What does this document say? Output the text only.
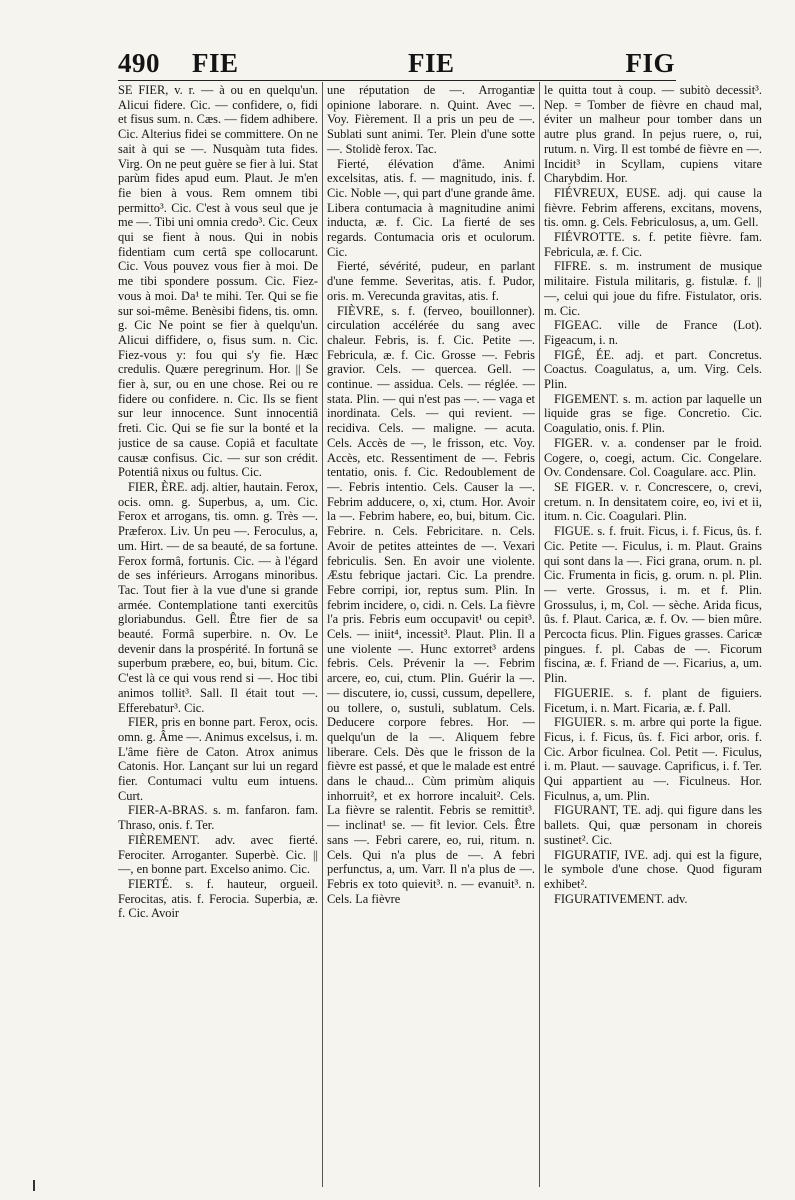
490 FIE	FIE	FIG

SE FIER, v. r. — à ou en quelqu'un. Alicui fidere. Cic. — confidere, o, fidi et fisus sum. n. Cæs. — fidem adhibere. Cic. Alterius fidei se committere. On ne sait à qui se —. Nusquàm tuta fides. Virg. On ne peut guère se fier à lui. Stat parùm fides apud eum. Plaut. Je m'en fie bien à vous. Rem omnem tibi permitto³. Cic. C'est à vous seul que je me —. Tibi uni omnia credo³. Cic. Ceux qui se fient à nous. Qui in nobis fidentiam cum certâ spe collocarunt. Cic. Vous pouvez vous fier à moi. De me tibi spondere possum. Cic. Fiez-vous à moi. Da¹ te mihi. Ter. Qui se fie sur soi-même. Benèsibi fidens, tis. omn. g. Cic Ne point se fier à quelqu'un. Alicui diffidere, o, fisus sum. n. Cic. Fiez-vous y: fou qui s'y fie. Hæc credulis. Quære peregrinum. Hor. || Se fier à, sur, ou en une chose. Rei ou re fidere ou confidere. n. Cic. Ils se fient sur leur innocence. Sunt innocentiâ freti. Cic. Qui se fie sur la bonté et la justice de sa cause. Copiâ et facultate causæ confisus. Cic. — sur son crédit. Potentiâ nixus ou fultus. Cic.

FIER, ÈRE. adj. altier, hautain. Ferox, ocis. omn. g. Superbus, a, um. Cic. Ferox et arrogans, tis. omn. g. Très —. Præferox. Liv. Un peu —. Feroculus, a, um. Hirt. — de sa beauté, de sa fortune. Ferox formâ, fortunis. Cic. — à l'égard de ses inférieurs. Arrogans minoribus. Tac. Tout fier à la vue d'une si grande armée. Contemplatione tanti exercitûs gloriabundus. Gell. Être fier de sa beauté. Formâ superbire. n. Ov. Le devenir dans la prospérité. In fortunâ se superbum præbere, eo, bui, bitum. Cic. C'est là ce qui vous rend si —. Hoc tibi animos tollit³. Sall. Il était tout —. Efferebatur³. Cic.

FIER, pris en bonne part. Ferox, ocis. omn. g. Âme —. Animus excelsus, i. m. L'âme fière de Caton. Atrox animus Catonis. Hor. Lançant sur lui un regard fier. Contumaci vultu eum intuens. Curt.

FIER-A-BRAS. s. m. fanfaron. fam. Thraso, onis. f. Ter.

FIÈREMENT. adv. avec fierté. Ferociter. Arroganter. Superbè. Cic. || —, en bonne part. Excelso animo. Cic.

FIERTÉ. s. f. hauteur, orgueil. Ferocitas, atis. f. Ferocia. Superbia, æ. f. Cic. Avoir

une réputation de —. Arrogantiæ opinione laborare. n. Quint. Avec —. Voy. Fièrement. Il a pris un peu de —. Sublati sunt animi. Ter. Plein d'une sotte —. Stolidè ferox. Tac.

Fierté, élévation d'âme. Animi excelsitas, atis. f. — magnitudo, inis. f. Cic. Noble —, qui part d'une grande âme. Libera contumacia à magnitudine animi inducta, æ. f. Cic. La fierté de ses regards. Contumacia oris et oculorum. Cic.

Fierté, sévérité, pudeur, en parlant d'une femme. Severitas, atis. f. Pudor, oris. m. Verecunda gravitas, atis. f.

FIÈVRE, s. f. (ferveo, bouillonner). circulation accélérée du sang avec chaleur. Febris, is. f. Cic. Petite —. Febricula, æ. f. Cic. Grosse —. Febris gravior. Cels. — quercea. Gell. — continue. — assidua. Cels. — réglée. — stata. Plin. — qui n'est pas —. — vaga et inordinata. Cels. — qui revient. — recidiva. Cels. — maligne. — acuta. Cels. Accès de —, le frisson, etc. Voy. Accès, etc. Ressentiment de —. Febris tentatio, onis. f. Cic. Redoublement de —. Febris intentio. Cels. Causer la —. Febrim adducere, o, xi, ctum. Hor. Avoir la —. Febrim habere, eo, bui, bitum. Cic. Febrire. n. Cels. Febricitare. n. Cels. Avoir de petites atteintes de —. Vexari febriculis. Sen. En avoir une violente. Æstu febrique jactari. Cic. La prendre. Febre corripi, ior, reptus sum. Plin. In febrim incidere, o, cidi. n. Cels. La fièvre l'a pris. Febris eum occupavit¹ ou cepit³. Cels. — iniit⁴, incessit³. Plaut. Plin. Il a une violente —. Hunc extorret³ ardens febris. Cels. Prévenir la —. Febrim arcere, eo, cui, ctum. Plin. Guérir la —. — discutere, io, cussi, cussum, depellere, ou tollere, o, sustuli, sublatum. Cels. Deducere corpore febres. Hor. — quelqu'un de la —. Aliquem febre liberare. Cels. Dès que le frisson de la fièvre est passé, et que le malade est entré dans le chaud... Cùm primùm aliquis inhorruit², et ex horrore incaluit². Cels. La fièvre se ralentit. Febris se remittit³. — inclinat¹ se. — fit levior. Cels. Être sans —. Febri carere, eo, rui, ritum. n. Cels. Qui n'a plus de —. A febri perfunctus, a, um. Varr. Il n'a plus de —. Febris ex toto quievit³. n. — evanuit³. n. Cels. La fièvre

le quitta tout à coup. — subitò decessit³. Nep. = Tomber de fièvre en chaud mal, éviter un malheur pour tomber dans un autre plus grand. In pejus ruere, o, rui, rutum. n. Virg. Il est tombé de fièvre en —. Incidit³ in Scyllam, cupiens vitare Charybdim. Hor.

FIÉVREUX, EUSE. adj. qui cause la fièvre. Febrim afferens, excitans, movens, tis. omn. g. Cels. Febriculosus, a, um. Gell.

FIÉVROTTE. s. f. petite fièvre. fam. Febricula, æ. f. Cic.

FIFRE. s. m. instrument de musique militaire. Fistula militaris, g. fistulæ. f. || —, celui qui joue du fifre. Fistulator, oris. m. Cic.

FIGEAC. ville de France (Lot). Figeacum, i. n.

FIGÉ, ÉE. adj. et part. Concretus. Coactus. Coagulatus, a, um. Virg. Cels. Plin.

FIGEMENT. s. m. action par laquelle un liquide gras se fige. Concretio. Cic. Coagulatio, onis. f. Plin.

FIGER. v. a. condenser par le froid. Cogere, o, coegi, actum. Cic. Congelare. Ov. Condensare. Col. Coagulare. acc. Plin.

SE FIGER. v. r. Concrescere, o, crevi, cretum. n. In densitatem coire, eo, ivi et ii, itum. n. Cic. Coagulari. Plin.

FIGUE. s. f. fruit. Ficus, i. f. Ficus, ûs. f. Cic. Petite —. Ficulus, i. m. Plaut. Grains qui sont dans la —. Fici grana, orum. n. pl. Cic. Frumenta in ficis, g. orum. n. pl. Plin. — verte. Grossus, i. m. et f. Plin. Grossulus, i, m, Col. — sèche. Arida ficus, ûs. f. Plaut. Carica, æ. f. Ov. — bien mûre. Percocta ficus. Plin. Figues grasses. Caricæ pingues. f. pl. Cabas de —. Ficorum fiscina, æ. f. Friand de —. Ficarius, a, um. Plin.

FIGUERIE. s. f. plant de figuiers. Ficetum, i. n. Mart. Ficaria, æ. f. Pall.

FIGUIER. s. m. arbre qui porte la figue. Ficus, i. f. Ficus, ûs. f. Fici arbor, oris. f. Cic. Arbor ficulnea. Col. Petit —. Ficulus, i. m. Plaut. — sauvage. Caprificus, i. f. Ter. Qui appartient au —. Ficulneus. Hor. Ficulnus, a, um. Plin.

FIGURANT, TE. adj. qui figure dans les ballets. Qui, quæ personam in choreis sustinet². Cic.

FIGURATIF, IVE. adj. qui est la figure, le symbole d'une chose. Quod figuram exhibet².

FIGURATIVEMENT. adv.
